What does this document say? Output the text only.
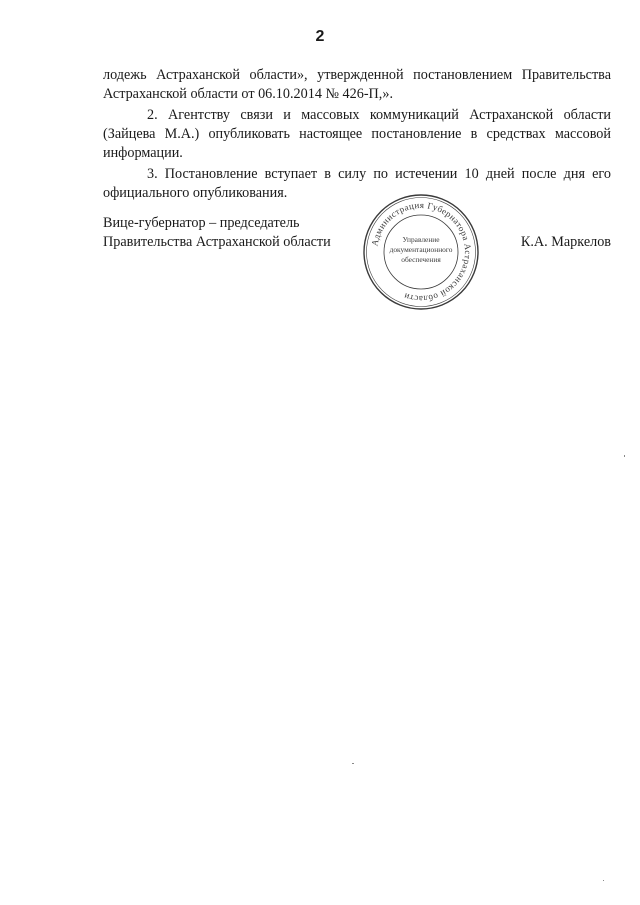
2

лодежь Астраханской области», утвержденной постановлением Правительства Астраханской области от 06.10.2014 № 426-П,».

2. Агентству связи и массовых коммуникаций Астраханской области (Зайцева М.А.) опубликовать настоящее постановление в средствах массовой информации.

3. Постановление вступает в силу по истечении 10 дней после дня его официального опубликования.

Вице-губернатор – председатель
Правительства Астраханской области	Администрация Губернатора Астраханской области
Управление
документационного
обеспечения
К.А. Маркелов
